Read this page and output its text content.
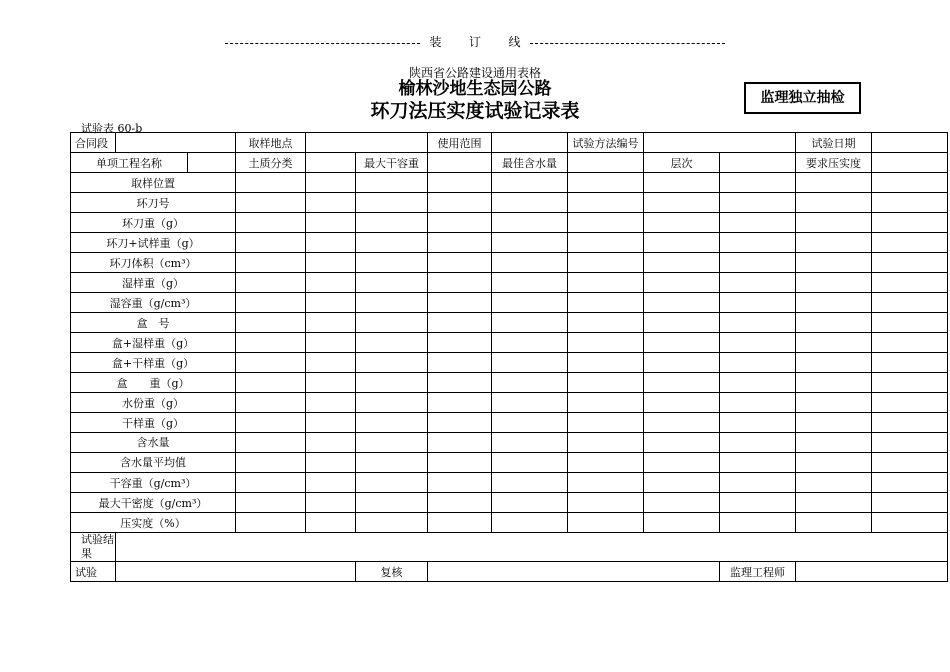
装 订 线
陕西省公路建设通用表格
榆林沙地生态园公路
环刀法压实度试验记录表
监理独立抽检
试验表 60-b
合同段			取样地点			使用范围		试验方法编号			试验日期	
单项工程名称			土质分类		最大干容重		最佳含水量		层次		要求压实度	
取样位置												
环刀号												
环刀重（g）												
环刀+试样重（g）												
环刀体积（cm³）												
湿样重（g）												
湿容重（g/cm³）												
盒　号												
盒+湿样重（g）												
盒+干样重（g）												
盒　　重（g）												
水份重（g）												
干样重（g）												
含水量												
含水量平均值												
干容重（g/cm³）												
最大干密度（g/cm³）												
压实度（%）												
试验结果												
试验					复核					监理工程师		
